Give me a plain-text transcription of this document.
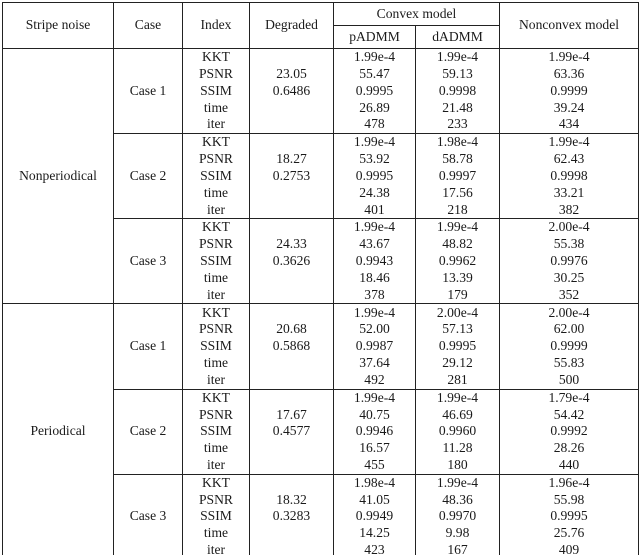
Stripe noise	Case	Index	Degraded	Convex model		Nonconvex model
				pADMM	dADMM	
Nonperiodical	Case 1	KKT		1.99e-4	1.99e-4	1.99e-4
		PSNR	23.05	55.47	59.13	63.36
		SSIM	0.6486	0.9995	0.9998	0.9999
		time		26.89	21.48	39.24
		iter		478	233	434
	Case 2	KKT		1.99e-4	1.98e-4	1.99e-4
		PSNR	18.27	53.92	58.78	62.43
		SSIM	0.2753	0.9995	0.9997	0.9998
		time		24.38	17.56	33.21
		iter		401	218	382
	Case 3	KKT		1.99e-4	1.99e-4	2.00e-4
		PSNR	24.33	43.67	48.82	55.38
		SSIM	0.3626	0.9943	0.9962	0.9976
		time		18.46	13.39	30.25
		iter		378	179	352
Periodical	Case 1	KKT		1.99e-4	2.00e-4	2.00e-4
		PSNR	20.68	52.00	57.13	62.00
		SSIM	0.5868	0.9987	0.9995	0.9999
		time		37.64	29.12	55.83
		iter		492	281	500
	Case 2	KKT		1.99e-4	1.99e-4	1.79e-4
		PSNR	17.67	40.75	46.69	54.42
		SSIM	0.4577	0.9946	0.9960	0.9992
		time		16.57	11.28	28.26
		iter		455	180	440
	Case 3	KKT		1.98e-4	1.99e-4	1.96e-4
		PSNR	18.32	41.05	48.36	55.98
		SSIM	0.3283	0.9949	0.9970	0.9995
		time		14.25	9.98	25.76
		iter		423	167	409
